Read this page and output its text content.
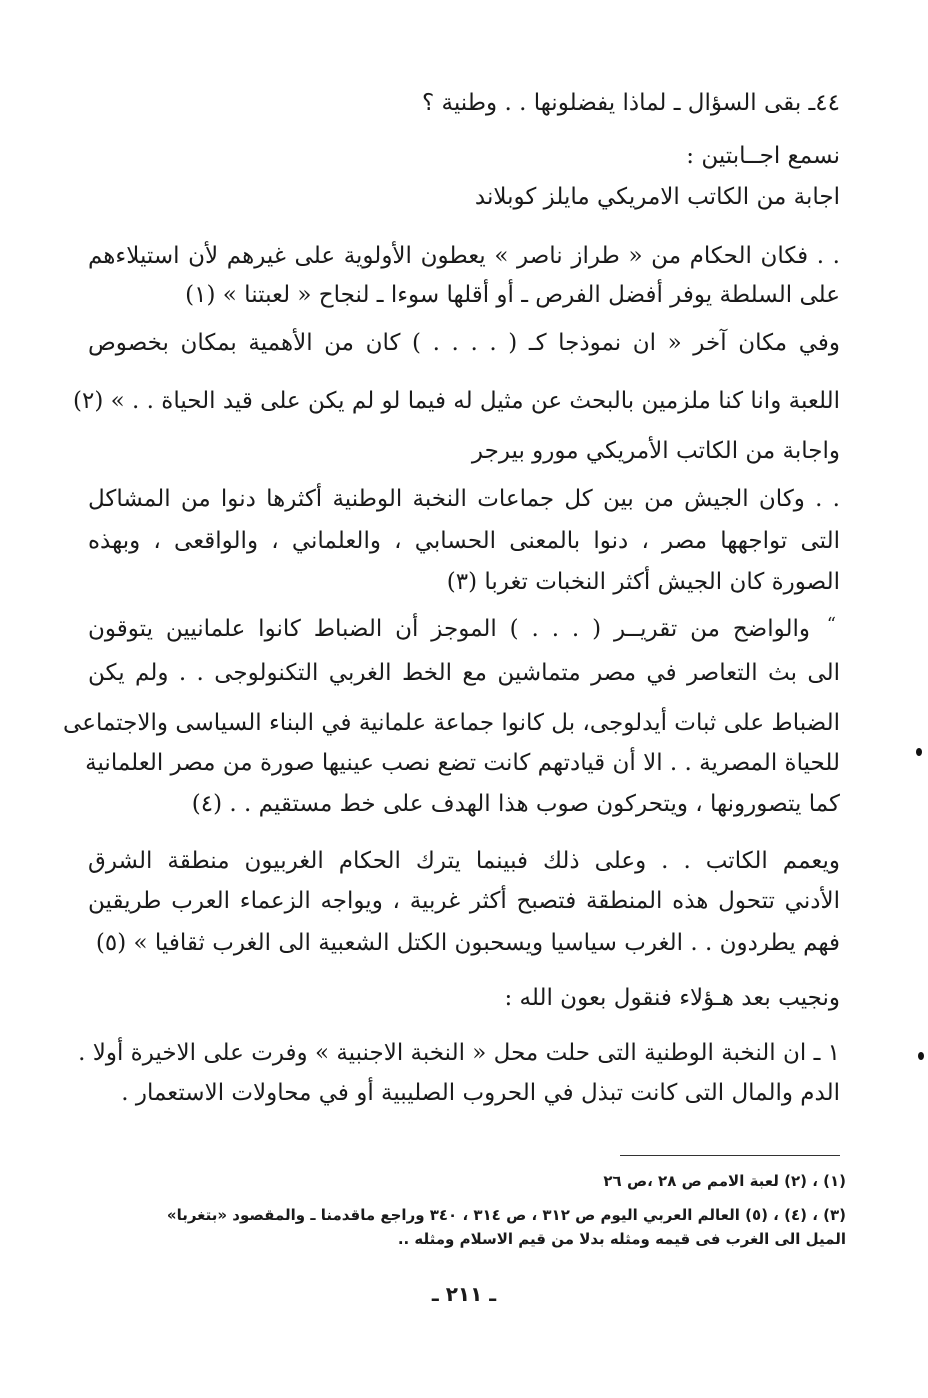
٤٤ـ بقى السؤال ـ لماذا يفضلونها . . وطنية ؟
نسمع اجــابتين :
اجابة من الكاتب الامريكي مايلز كوبلاند
. . فكان الحكام من « طراز ناصر » يعطون الأولوية على غيرهم لأن استيلاءهم
على السلطة يوفر أفضل الفرص ـ أو أقلها سوءا ـ لنجاح « لعبتنا » (١)
وفي مكان آخر « ان نموذجا كـ ( . . . . ) كان من الأهمية بمكان بخصوص
اللعبة وانا كنا ملزمين بالبحث عن مثيل له فيما لو لم يكن على قيد الحياة . . » (٢)
واجابة من الكاتب الأمريكي مورو بيرجر
. . وكان الجيش من بين كل جماعات النخبة الوطنية أكثرها دنوا من المشاكل
التى تواجهها مصر ، دنوا بالمعنى الحسابي ، والعلماني ، والواقعى ، وبهذه
الصورة كان الجيش أكثر النخبات تغربا (٣)
“
والواضح من تقريــر ( . . . ) الموجز أن الضباط كانوا علمانيين يتوقون
الى بث التعاصر في مصر متماشين مع الخط الغربي التكنولوجى . . ولم يكن
الضباط على ثبات أيدلوجى، بل كانوا جماعة علمانية في البناء السياسى والاجتماعى
للحياة المصرية . . الا أن قيادتهم كانت تضع نصب عينيها صورة من مصر العلمانية
كما يتصورونها ، ويتحركون صوب هذا الهدف على خط مستقيم . . (٤)
ويعمم الكاتب . . وعلى ذلك فبينما يترك الحكام الغربيون منطقة الشرق
الأدني تتحول هذه المنطقة فتصبح أكثر غربية ، ويواجه الزعماء العرب طريقين
فهم يطردون . . الغرب سياسيا ويسحبون الكتل الشعبية الى الغرب ثقافيا » (٥)
ونجيب بعد هـؤلاء فنقول بعون الله :
١ ـ ان النخبة الوطنية التى حلت محل « النخبة الاجنبية » وفرت على الاخيرة أولا .
الدم والمال التى كانت تبذل في الحروب الصليبية أو في محاولات الاستعمار .
(١) ، (٢) لعبة الامم ص ٢٨ ،ص ٢٦
(٣) ، (٤) ، (٥) العالم العربي اليوم ص ٣١٢ ، ص ٣١٤ ، ٣٤٠ وراجع ماقدمنا ـ والمقصود «بتغربا»
الميل الى الغرب فى قيمه ومثله بدلا من قيم الاسلام ومثله ..
ـ ٢١١ ـ
